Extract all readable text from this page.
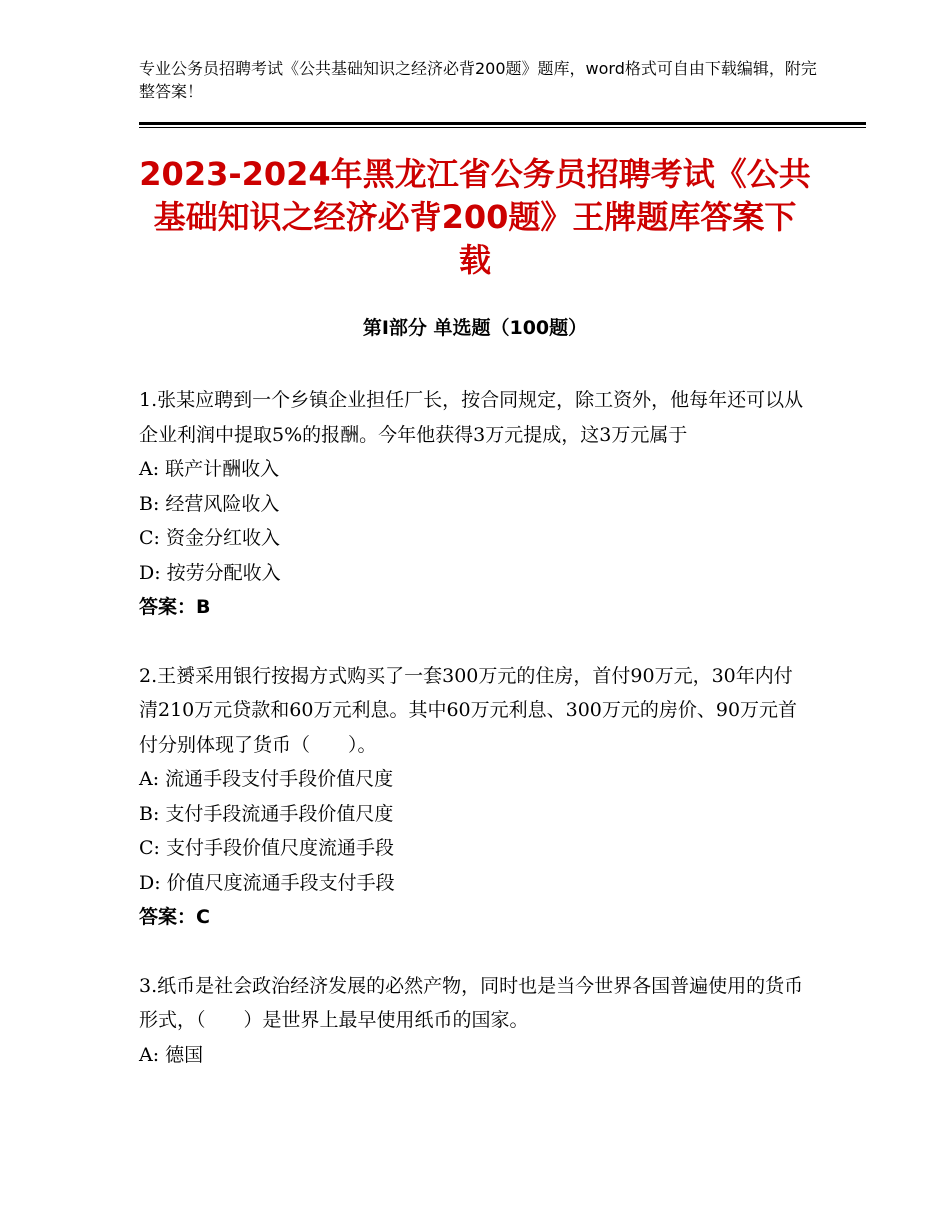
专业公务员招聘考试《公共基础知识之经济必背200题》题库，word格式可自由下载编辑，附完整答案！
2023-2024年黑龙江省公务员招聘考试《公共基础知识之经济必背200题》王牌题库答案下载
第Ⅰ部分 单选题（100题）

1.张某应聘到一个乡镇企业担任厂长，按合同规定，除工资外，他每年还可以从企业利润中提取5%的报酬。今年他获得3万元提成，这3万元属于

A: 联产计酬收入

B: 经营风险收入

C: 资金分红收入

D: 按劳分配收入

答案：B

2.王赟采用银行按揭方式购买了一套300万元的住房，首付90万元，30年内付清210万元贷款和60万元利息。其中60万元利息、300万元的房价、90万元首付分别体现了货币（　　）。

A: 流通手段支付手段价值尺度

B: 支付手段流通手段价值尺度

C: 支付手段价值尺度流通手段

D: 价值尺度流通手段支付手段

答案：C

3.纸币是社会政治经济发展的必然产物，同时也是当今世界各国普遍使用的货币形式，（　　）是世界上最早使用纸币的国家。

A: 德国
